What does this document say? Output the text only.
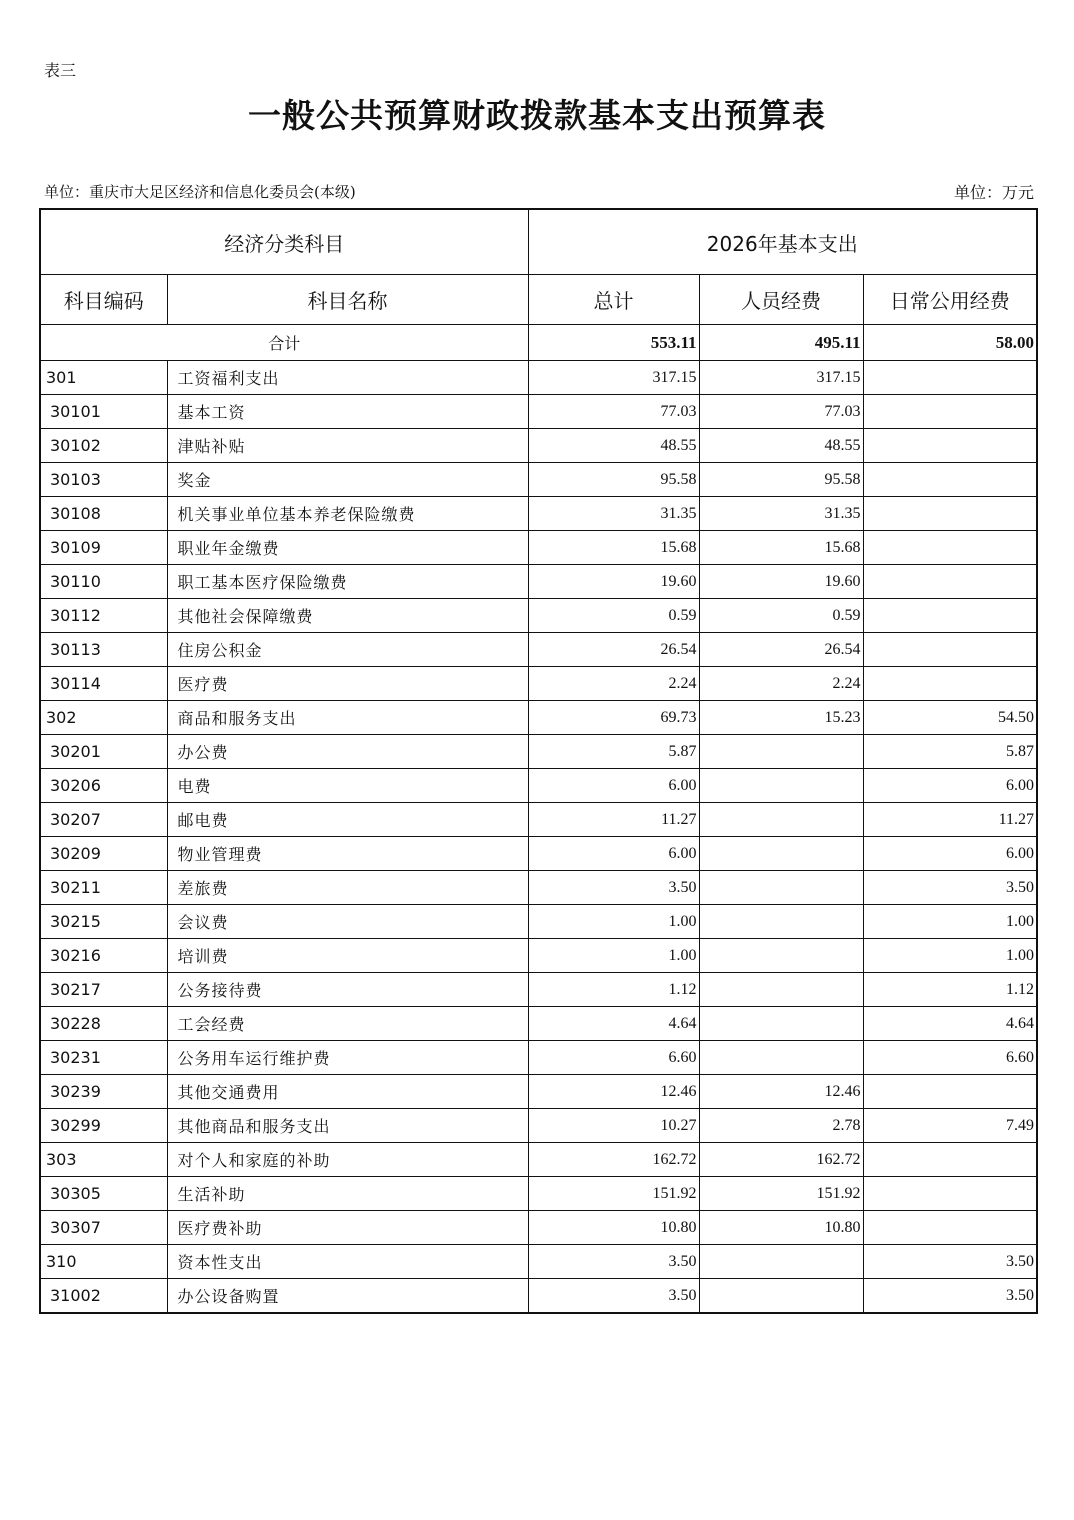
表三
一般公共预算财政拨款基本支出预算表
单位：重庆市大足区经济和信息化委员会(本级)	单位：万元
经济分类科目		2026年基本支出		
科目编码	科目名称	总计	人员经费	日常公用经费
合计		553.11	495.11	58.00
301	工资福利支出	317.15	317.15	
30101	基本工资	77.03	77.03	
30102	津贴补贴	48.55	48.55	
30103	奖金	95.58	95.58	
30108	机关事业单位基本养老保险缴费	31.35	31.35	
30109	职业年金缴费	15.68	15.68	
30110	职工基本医疗保险缴费	19.60	19.60	
30112	其他社会保障缴费	0.59	0.59	
30113	住房公积金	26.54	26.54	
30114	医疗费	2.24	2.24	
302	商品和服务支出	69.73	15.23	54.50
30201	办公费	5.87		5.87
30206	电费	6.00		6.00
30207	邮电费	11.27		11.27
30209	物业管理费	6.00		6.00
30211	差旅费	3.50		3.50
30215	会议费	1.00		1.00
30216	培训费	1.00		1.00
30217	公务接待费	1.12		1.12
30228	工会经费	4.64		4.64
30231	公务用车运行维护费	6.60		6.60
30239	其他交通费用	12.46	12.46	
30299	其他商品和服务支出	10.27	2.78	7.49
303	对个人和家庭的补助	162.72	162.72	
30305	生活补助	151.92	151.92	
30307	医疗费补助	10.80	10.80	
310	资本性支出	3.50		3.50
31002	办公设备购置	3.50		3.50
